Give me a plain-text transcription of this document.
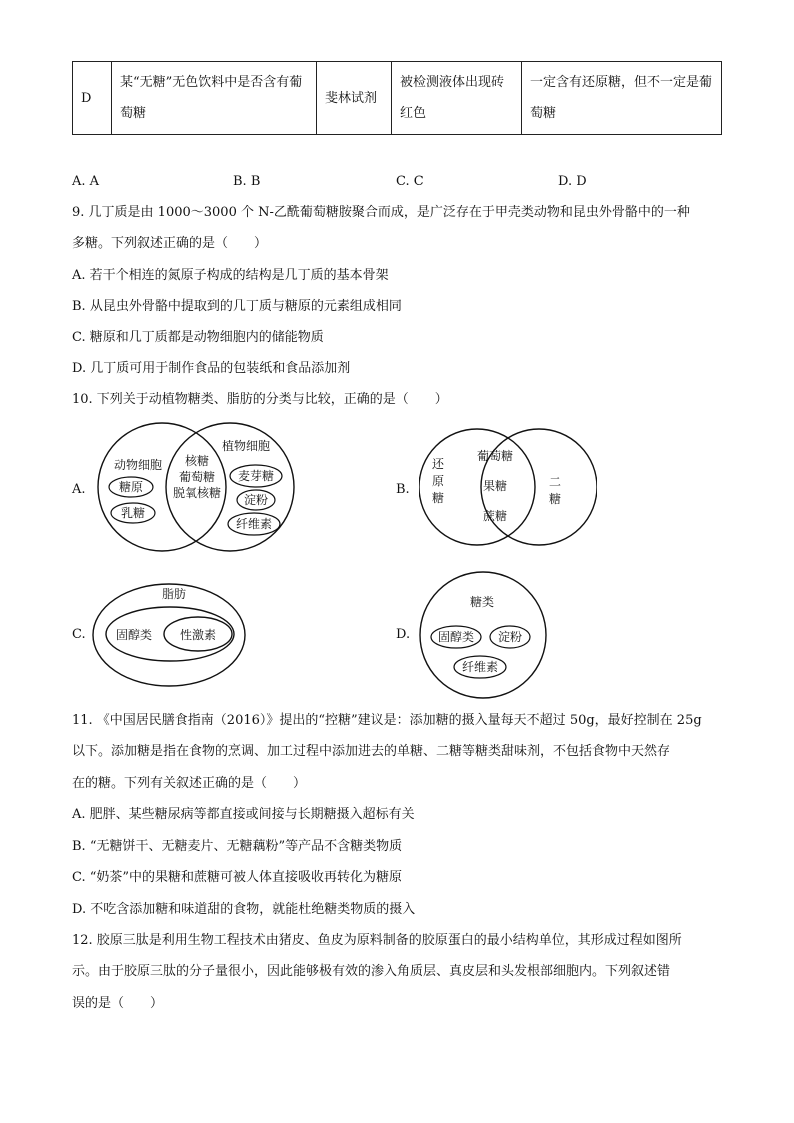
D	某“无糖”无色饮料中是否含有葡萄糖	斐林试剂	被检测液体出现砖红色	一定含有还原糖，但不一定是葡萄糖
A. A	B. B	C. C	D. D
9. 几丁质是由 1000～3000 个 N-乙酰葡萄糖胺聚合而成，是广泛存在于甲壳类动物和昆虫外骨骼中的一种
多糖。下列叙述正确的是（　　）
A. 若干个相连的氮原子构成的结构是几丁质的基本骨架
B. 从昆虫外骨骼中提取到的几丁质与糖原的元素组成相同
C. 糖原和几丁质都是动物细胞内的储能物质
D. 几丁质可用于制作食品的包装纸和食品添加剂
10. 下列关于动植物糖类、脂肪的分类与比较，正确的是（　　）
A.
动物细胞
植物细胞
糖原
乳糖
核糖
葡萄糖
脱氧核糖
麦芽糖
淀粉
纤维素
B.
还
原
糖
葡萄糖
果糖
蔗糖
二
糖
C.
脂肪
固醇类 性激素	D.
糖类
固醇类 淀粉
纤维素
11. 《中国居民膳食指南（2016）》提出的“控糖”建议是：添加糖的摄入量每天不超过 50g，最好控制在 25g
以下。添加糖是指在食物的烹调、加工过程中添加进去的单糖、二糖等糖类甜味剂，不包括食物中天然存
在的糖。下列有关叙述正确的是（　　）
A. 肥胖、某些糖尿病等都直接或间接与长期糖摄入超标有关
B. “无糖饼干、无糖麦片、无糖藕粉”等产品不含糖类物质
C. “奶茶”中的果糖和蔗糖可被人体直接吸收再转化为糖原
D. 不吃含添加糖和味道甜的食物，就能杜绝糖类物质的摄入
12. 胶原三肽是利用生物工程技术由猪皮、鱼皮为原料制备的胶原蛋白的最小结构单位，其形成过程如图所
示。由于胶原三肽的分子量很小，因此能够极有效的渗入角质层、真皮层和头发根部细胞内。下列叙述错
误的是（　　）
